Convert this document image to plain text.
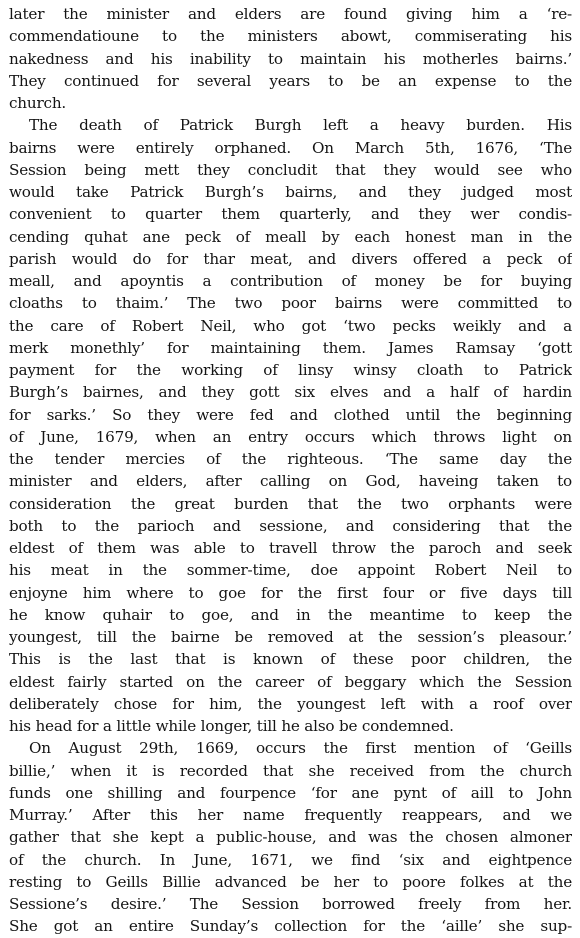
later the minister and elders are found giving him a ‘re-
commendatioune to the ministers abowt, commiserating his
nakedness and his inability to maintain his motherles bairns.’
They continued for several years to be an expense to the
church.

The death of Patrick Burgh left a heavy burden. His
bairns were entirely orphaned. On March 5th, 1676, ‘The
Session being mett they concludit that they would see who
would take Patrick Burgh’s bairns, and they judged most
convenient to quarter them quarterly, and they wer condis-
cending quhat ane peck of meall by each honest man in the
parish would do for thar meat, and divers offered a peck of
meall, and apoyntis a contribution of money be for buying
cloaths to thaim.’ The two poor bairns were committed to
the care of Robert Neil, who got ‘two pecks weikly and a
merk monethly’ for maintaining them. James Ramsay ‘gott
payment for the working of linsy winsy cloath to Patrick
Burgh’s bairnes, and they gott six elves and a half of hardin
for sarks.’ So they were fed and clothed until the beginning
of June, 1679, when an entry occurs which throws light on
the tender mercies of the righteous. ‘The same day the
minister and elders, after calling on God, haveing taken to
consideration the great burden that the two orphants were
both to the parioch and sessione, and considering that the
eldest of them was able to travell throw the paroch and seek
his meat in the sommer-time, doe appoint Robert Neil to
enjoyne him where to goe for the first four or five days till
he know quhair to goe, and in the meantime to keep the
youngest, till the bairne be removed at the session’s pleasour.’
This is the last that is known of these poor children, the
eldest fairly started on the career of beggary which the Session
deliberately chose for him, the youngest left with a roof over
his head for a little while longer, till he also be condemned.

On August 29th, 1669, occurs the first mention of ‘Geills
billie,’ when it is recorded that she received from the church
funds one shilling and fourpence ‘for ane pynt of aill to John
Murray.’ After this her name frequently reappears, and we
gather that she kept a public-house, and was the chosen almoner
of the church. In June, 1671, we find ‘six and eightpence
resting to Geills Billie advanced be her to poore folkes at the
Sessione’s desire.’ The Session borrowed freely from her.
She got an entire Sunday’s collection for the ‘aille’ she sup-
